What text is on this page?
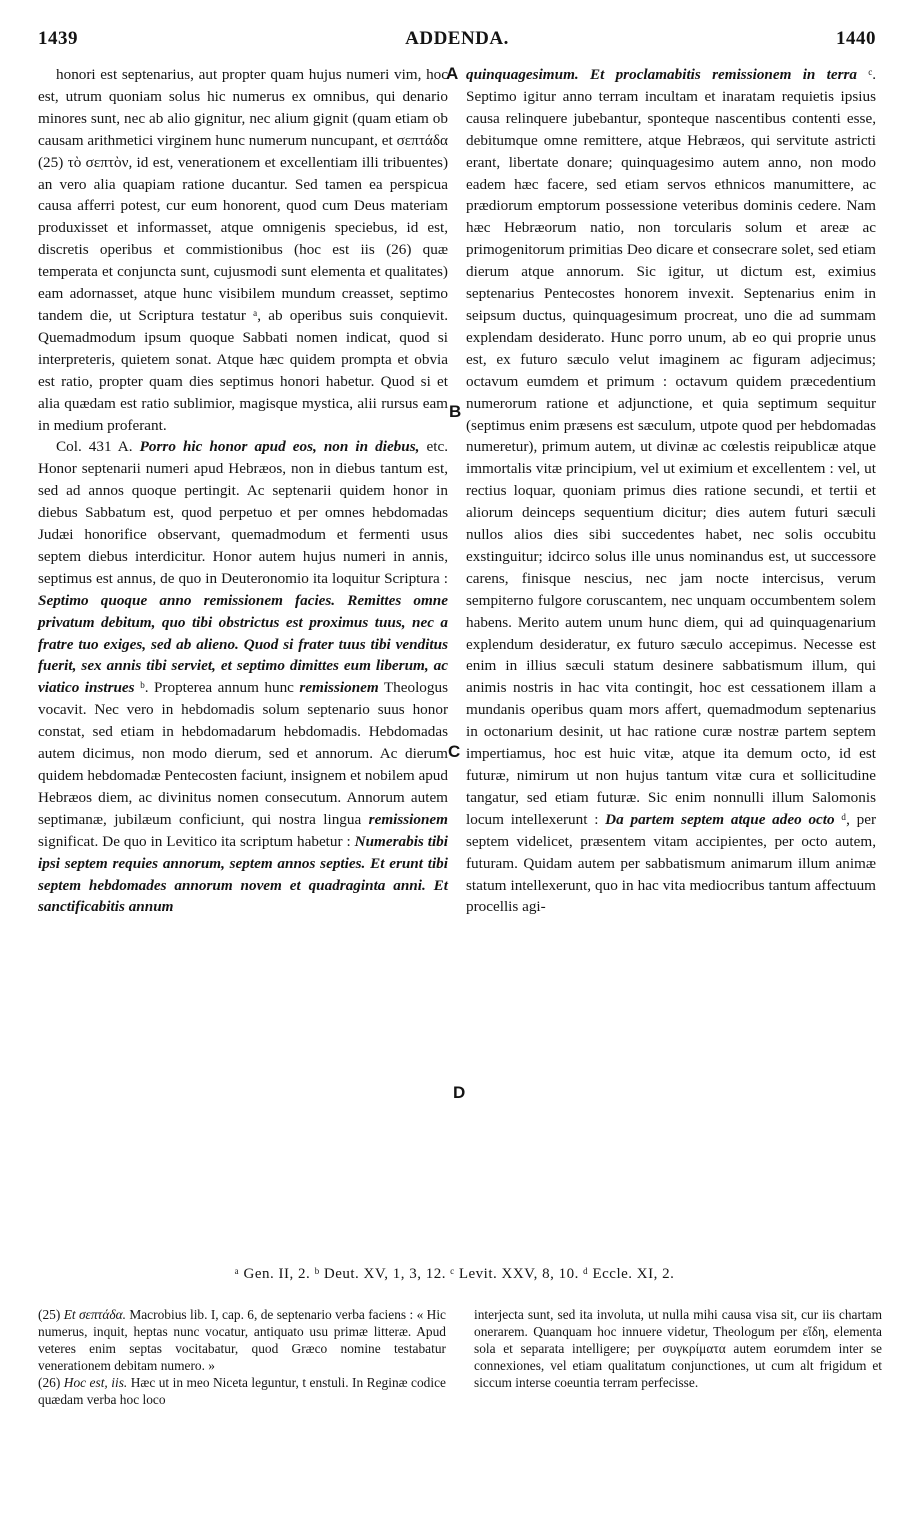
1439	ADDENDA.	1440

honori est septenarius, aut propter quam hujus numeri vim, hoc est, utrum quoniam solus hic numerus ex omnibus, qui denario minores sunt, nec ab alio gignitur, nec alium gignit (quam etiam ob causam arithmetici virginem hunc numerum nuncupant, et σεπτάδα (25) τὸ σεπτὸν, id est, venerationem et excellentiam illi tribuentes) an vero alia quapiam ratione ducantur. Sed tamen ea perspicua causa afferri potest, cur eum honorent, quod cum Deus materiam produxisset et informasset, atque omnigenis speciebus, id est, discretis operibus et commistionibus (hoc est iis (26) quæ temperata et conjuncta sunt, cujusmodi sunt elementa et qualitates) eam adornasset, atque hunc visibilem mundum creasset, septimo tandem die, ut Scriptura testatur ᵃ, ab operibus suis conquievit. Quemadmodum ipsum quoque Sabbati nomen indicat, quod si interpreteris, quietem sonat. Atque hæc quidem prompta et obvia est ratio, propter quam dies septimus honori habetur. Quod si et alia quædam est ratio sublimior, magisque mystica, alii rursus eam in medium proferant.

Col. 431 A. Porro hic honor apud eos, non in diebus, etc. Honor septenarii numeri apud Hebræos, non in diebus tantum est, sed ad annos quoque pertingit. Ac septenarii quidem honor in diebus Sabbatum est, quod perpetuo et per omnes hebdomadas Judæi honorifice observant, quemadmodum et fermenti usus septem diebus interdicitur. Honor autem hujus numeri in annis, septimus est annus, de quo in Deuteronomio ita loquitur Scriptura : Septimo quoque anno remissionem facies. Remittes omne privatum debitum, quo tibi obstrictus est proximus tuus, nec a fratre tuo exiges, sed ab alieno. Quod si frater tuus tibi venditus fuerit, sex annis tibi serviet, et septimo dimittes eum liberum, ac viatico instrues ᵇ. Propterea annum hunc remissionem Theologus vocavit. Nec vero in hebdomadis solum septenario suus honor constat, sed etiam in hebdomadarum hebdomadis. Hebdomadas autem dicimus, non modo dierum, sed et annorum. Ac dierum quidem hebdomadæ Pentecosten faciunt, insignem et nobilem apud Hebræos diem, ac divinitus nomen consecutum. Annorum autem septimanæ, jubilæum conficiunt, qui nostra lingua remissionem significat. De quo in Levitico ita scriptum habetur : Numerabis tibi ipsi septem requies annorum, septem annos septies. Et erunt tibi septem hebdomades annorum novem et quadraginta anni. Et sanctificabitis annum

A
B
C
D

quinquagesimum. Et proclamabitis remissionem in terra ᶜ. Septimo igitur anno terram incultam et inaratam requietis ipsius causa relinquere jubebantur, sponteque nascentibus contenti esse, debitumque omne remittere, atque Hebræos, qui servitute astricti erant, libertate donare; quinquagesimo autem anno, non modo eadem hæc facere, sed etiam servos ethnicos manumittere, ac prædiorum emptorum possessione veteribus dominis cedere. Nam hæc Hebræorum natio, non torcularis solum et areæ ac primogenitorum primitias Deo dicare et consecrare solet, sed etiam dierum atque annorum. Sic igitur, ut dictum est, eximius septenarius Pentecostes honorem invexit. Septenarius enim in seipsum ductus, quinquagesimum procreat, uno die ad summam explendam desiderato. Hunc porro unum, ab eo qui proprie unus est, ex futuro sæculo velut imaginem ac figuram adjecimus; octavum eumdem et primum : octavum quidem præcedentium numerorum ratione et adjunctione, et quia septimum sequitur (septimus enim præsens est sæculum, utpote quod per hebdomadas numeretur), primum autem, ut divinæ ac cœlestis reipublicæ atque immortalis vitæ principium, vel ut eximium et excellentem : vel, ut rectius loquar, quoniam primus dies ratione secundi, et tertii et aliorum deinceps sequentium dicitur; dies autem futuri sæculi nullos alios dies sibi succedentes habet, nec solis occubitu exstinguitur; idcirco solus ille unus nominandus est, ut successore carens, finisque nescius, nec jam nocte intercisus, verum sempiterno fulgore coruscantem, nec unquam occumbentem solem habens. Merito autem unum hunc diem, qui ad quinquagenarium explendum desideratur, ex futuro sæculo accepimus. Necesse est enim in illius sæculi statum desinere sabbatismum illum, qui animis nostris in hac vita contingit, hoc est cessationem illam a mundanis operibus quam mors affert, quemadmodum septenarius in octonarium desinit, ut hac ratione curæ nostræ partem septem impertiamus, hoc est huic vitæ, atque ita demum octo, id est futuræ, nimirum ut non hujus tantum vitæ cura et sollicitudine tangatur, sed etiam futuræ. Sic enim nonnulli illum Salomonis locum intellexerunt : Da partem septem atque adeo octo ᵈ, per septem videlicet, præsentem vitam accipientes, per octo autem, futuram. Quidam autem per sabbatismum animarum illum animæ statum intellexerunt, quo in hac vita mediocribus tantum affectuum procellis agi-

ᵃ Gen. II, 2. ᵇ Deut. XV, 1, 3, 12. ᶜ Levit. XXV, 8, 10. ᵈ Eccle. XI, 2.

(25) Et σεπτάδα. Macrobius lib. I, cap. 6, de septenario verba faciens : « Hic numerus, inquit, heptas nunc vocatur, antiquato usu primæ litteræ. Apud veteres enim septas vocitabatur, quod Græco nomine testabatur venerationem debitam numero. »

(26) Hoc est, iis. Hæc ut in meo Niceta leguntur, t enstuli. In Reginæ codice quædam verba hoc loco

interjecta sunt, sed ita involuta, ut nulla mihi causa visa sit, cur iis chartam onerarem. Quanquam hoc innuere videtur, Theologum per εἴδη, elementa sola et separata intelligere; per συγκρίματα autem eorumdem inter se connexiones, vel etiam qualitatum conjunctiones, ut cum alt frigidum et siccum interse coeuntia terram perfecisse.
